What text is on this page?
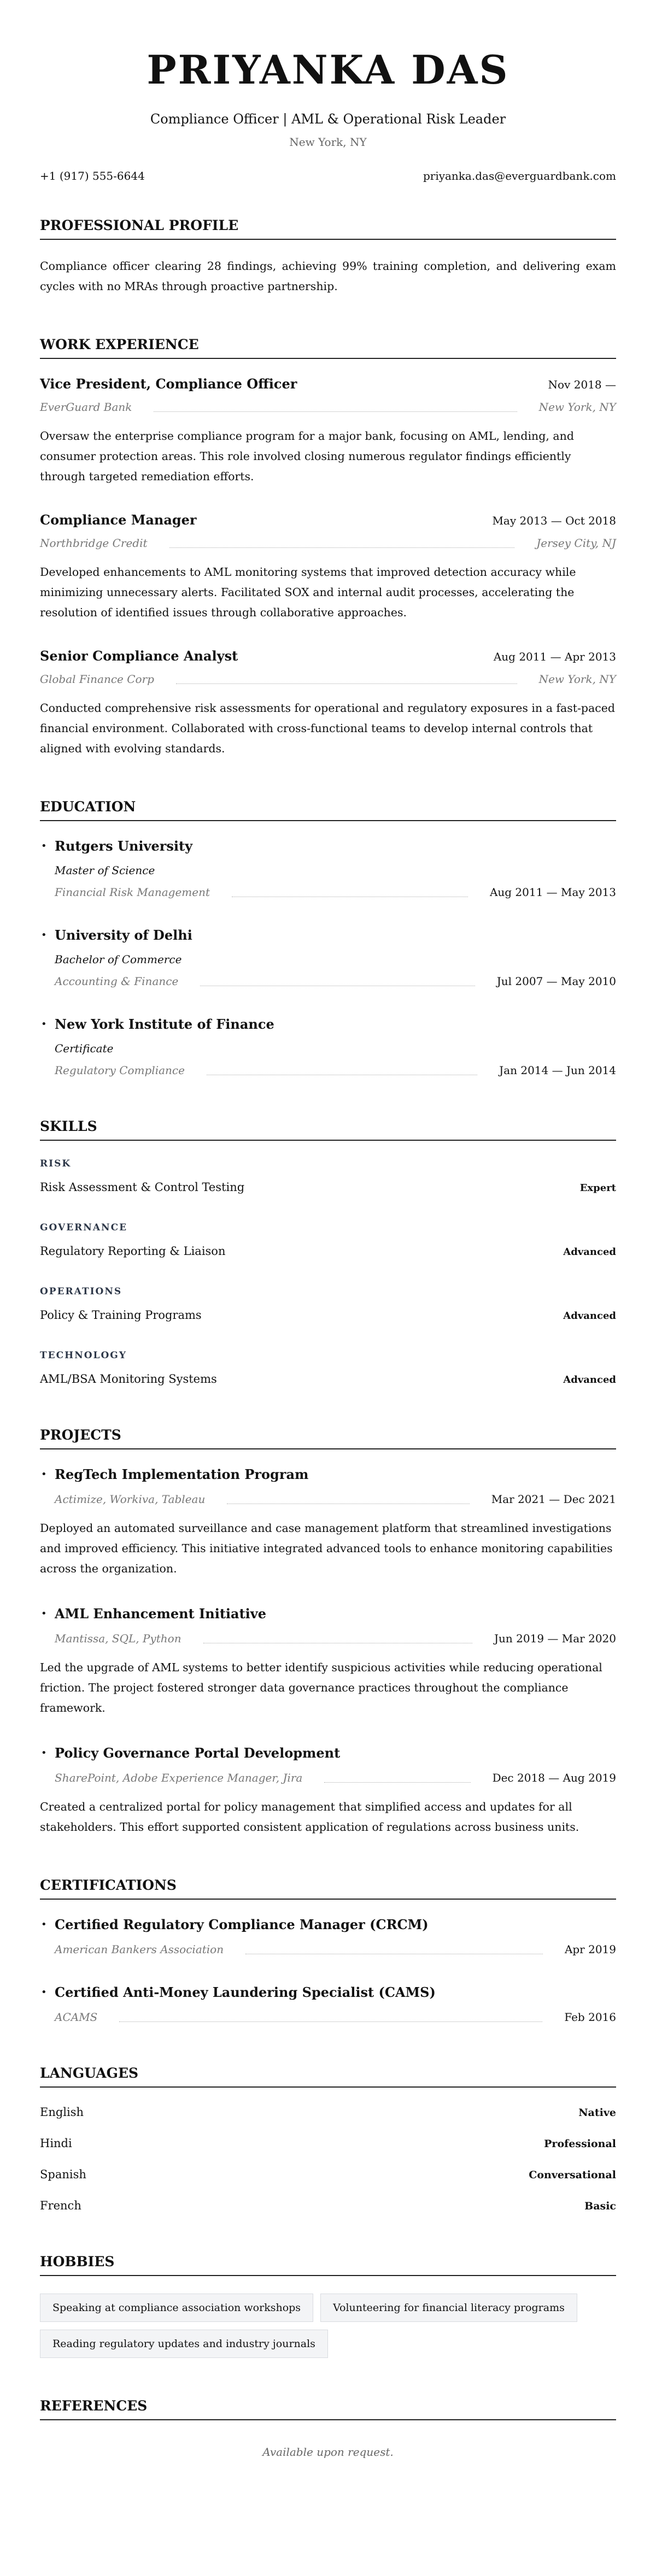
PRIYANKA DAS
Compliance Officer | AML & Operational Risk Leader
New York, NY
+1 (917) 555-6644	priyanka.das@everguardbank.com
PROFESSIONAL PROFILE

Compliance officer clearing 28 findings, achieving 99% training completion, and delivering exam cycles with no MRAs through proactive partnership.

WORK EXPERIENCE
Vice President, Compliance Officer	Nov 2018 —
EverGuard Bank	New York, NY

Oversaw the enterprise compliance program for a major bank, focusing on AML, lending, and consumer protection areas. This role involved closing numerous regulator findings efficiently through targeted remediation efforts.

Compliance Manager	May 2013 — Oct 2018
Northbridge Credit	Jersey City, NJ

Developed enhancements to AML monitoring systems that improved detection accuracy while minimizing unnecessary alerts. Facilitated SOX and internal audit processes, accelerating the resolution of identified issues through collaborative approaches.

Senior Compliance Analyst	Aug 2011 — Apr 2013
Global Finance Corp	New York, NY

Conducted comprehensive risk assessments for operational and regulatory exposures in a fast-paced financial environment. Collaborated with cross-functional teams to develop internal controls that aligned with evolving standards.

EDUCATION
• Rutgers University
Master of Science
Financial Risk Management	Aug 2011 — May 2013
• University of Delhi
Bachelor of Commerce
Accounting & Finance	Jul 2007 — May 2010
• New York Institute of Finance
Certificate
Regulatory Compliance	Jan 2014 — Jun 2014
SKILLS
RISK
Risk Assessment & Control Testing	Expert
GOVERNANCE
Regulatory Reporting & Liaison	Advanced
OPERATIONS
Policy & Training Programs	Advanced
TECHNOLOGY
AML/BSA Monitoring Systems	Advanced
PROJECTS
• RegTech Implementation Program
Actimize, Workiva, Tableau	Mar 2021 — Dec 2021

Deployed an automated surveillance and case management platform that streamlined investigations and improved efficiency. This initiative integrated advanced tools to enhance monitoring capabilities across the organization.

• AML Enhancement Initiative
Mantissa, SQL, Python	Jun 2019 — Mar 2020

Led the upgrade of AML systems to better identify suspicious activities while reducing operational friction. The project fostered stronger data governance practices throughout the compliance framework.

• Policy Governance Portal Development
SharePoint, Adobe Experience Manager, Jira	Dec 2018 — Aug 2019

Created a centralized portal for policy management that simplified access and updates for all stakeholders. This effort supported consistent application of regulations across business units.

CERTIFICATIONS
• Certified Regulatory Compliance Manager (CRCM)
American Bankers Association	Apr 2019
• Certified Anti-Money Laundering Specialist (CAMS)
ACAMS	Feb 2016
LANGUAGES
English	Native
Hindi	Professional
Spanish	Conversational
French	Basic
HOBBIES
Speaking at compliance association workshops	Volunteering for financial literacy programs
Reading regulatory updates and industry journals
REFERENCES
Available upon request.
